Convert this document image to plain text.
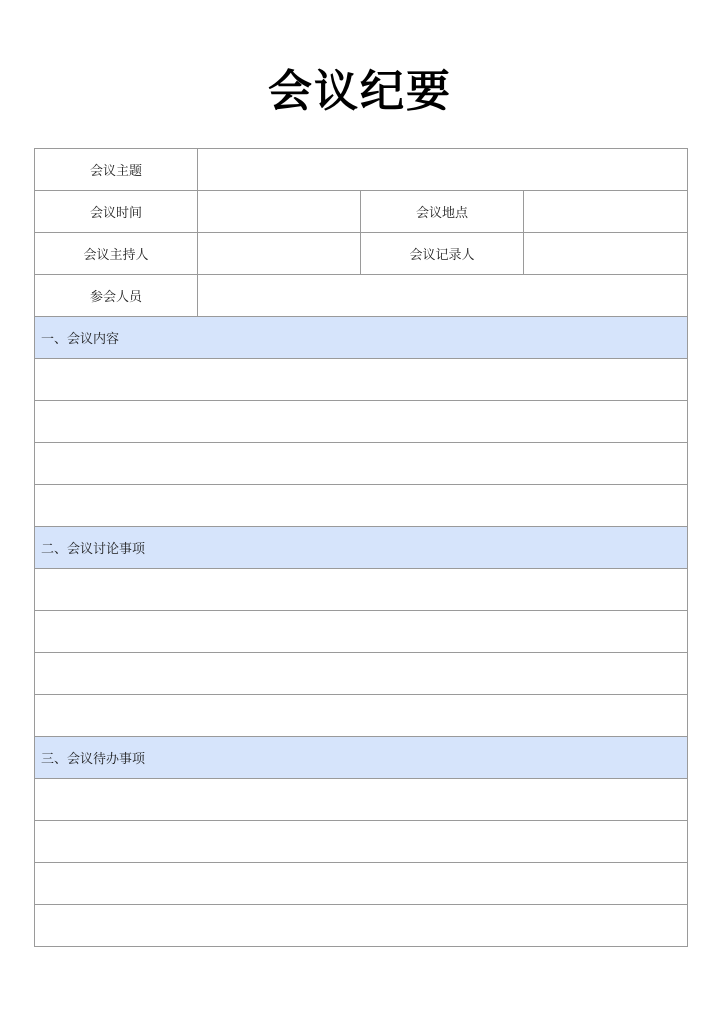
会议纪要
会议主题			
会议时间		会议地点	
会议主持人		会议记录人	
参会人员			
一、会议内容			

二、会议讨论事项			

三、会议待办事项			
